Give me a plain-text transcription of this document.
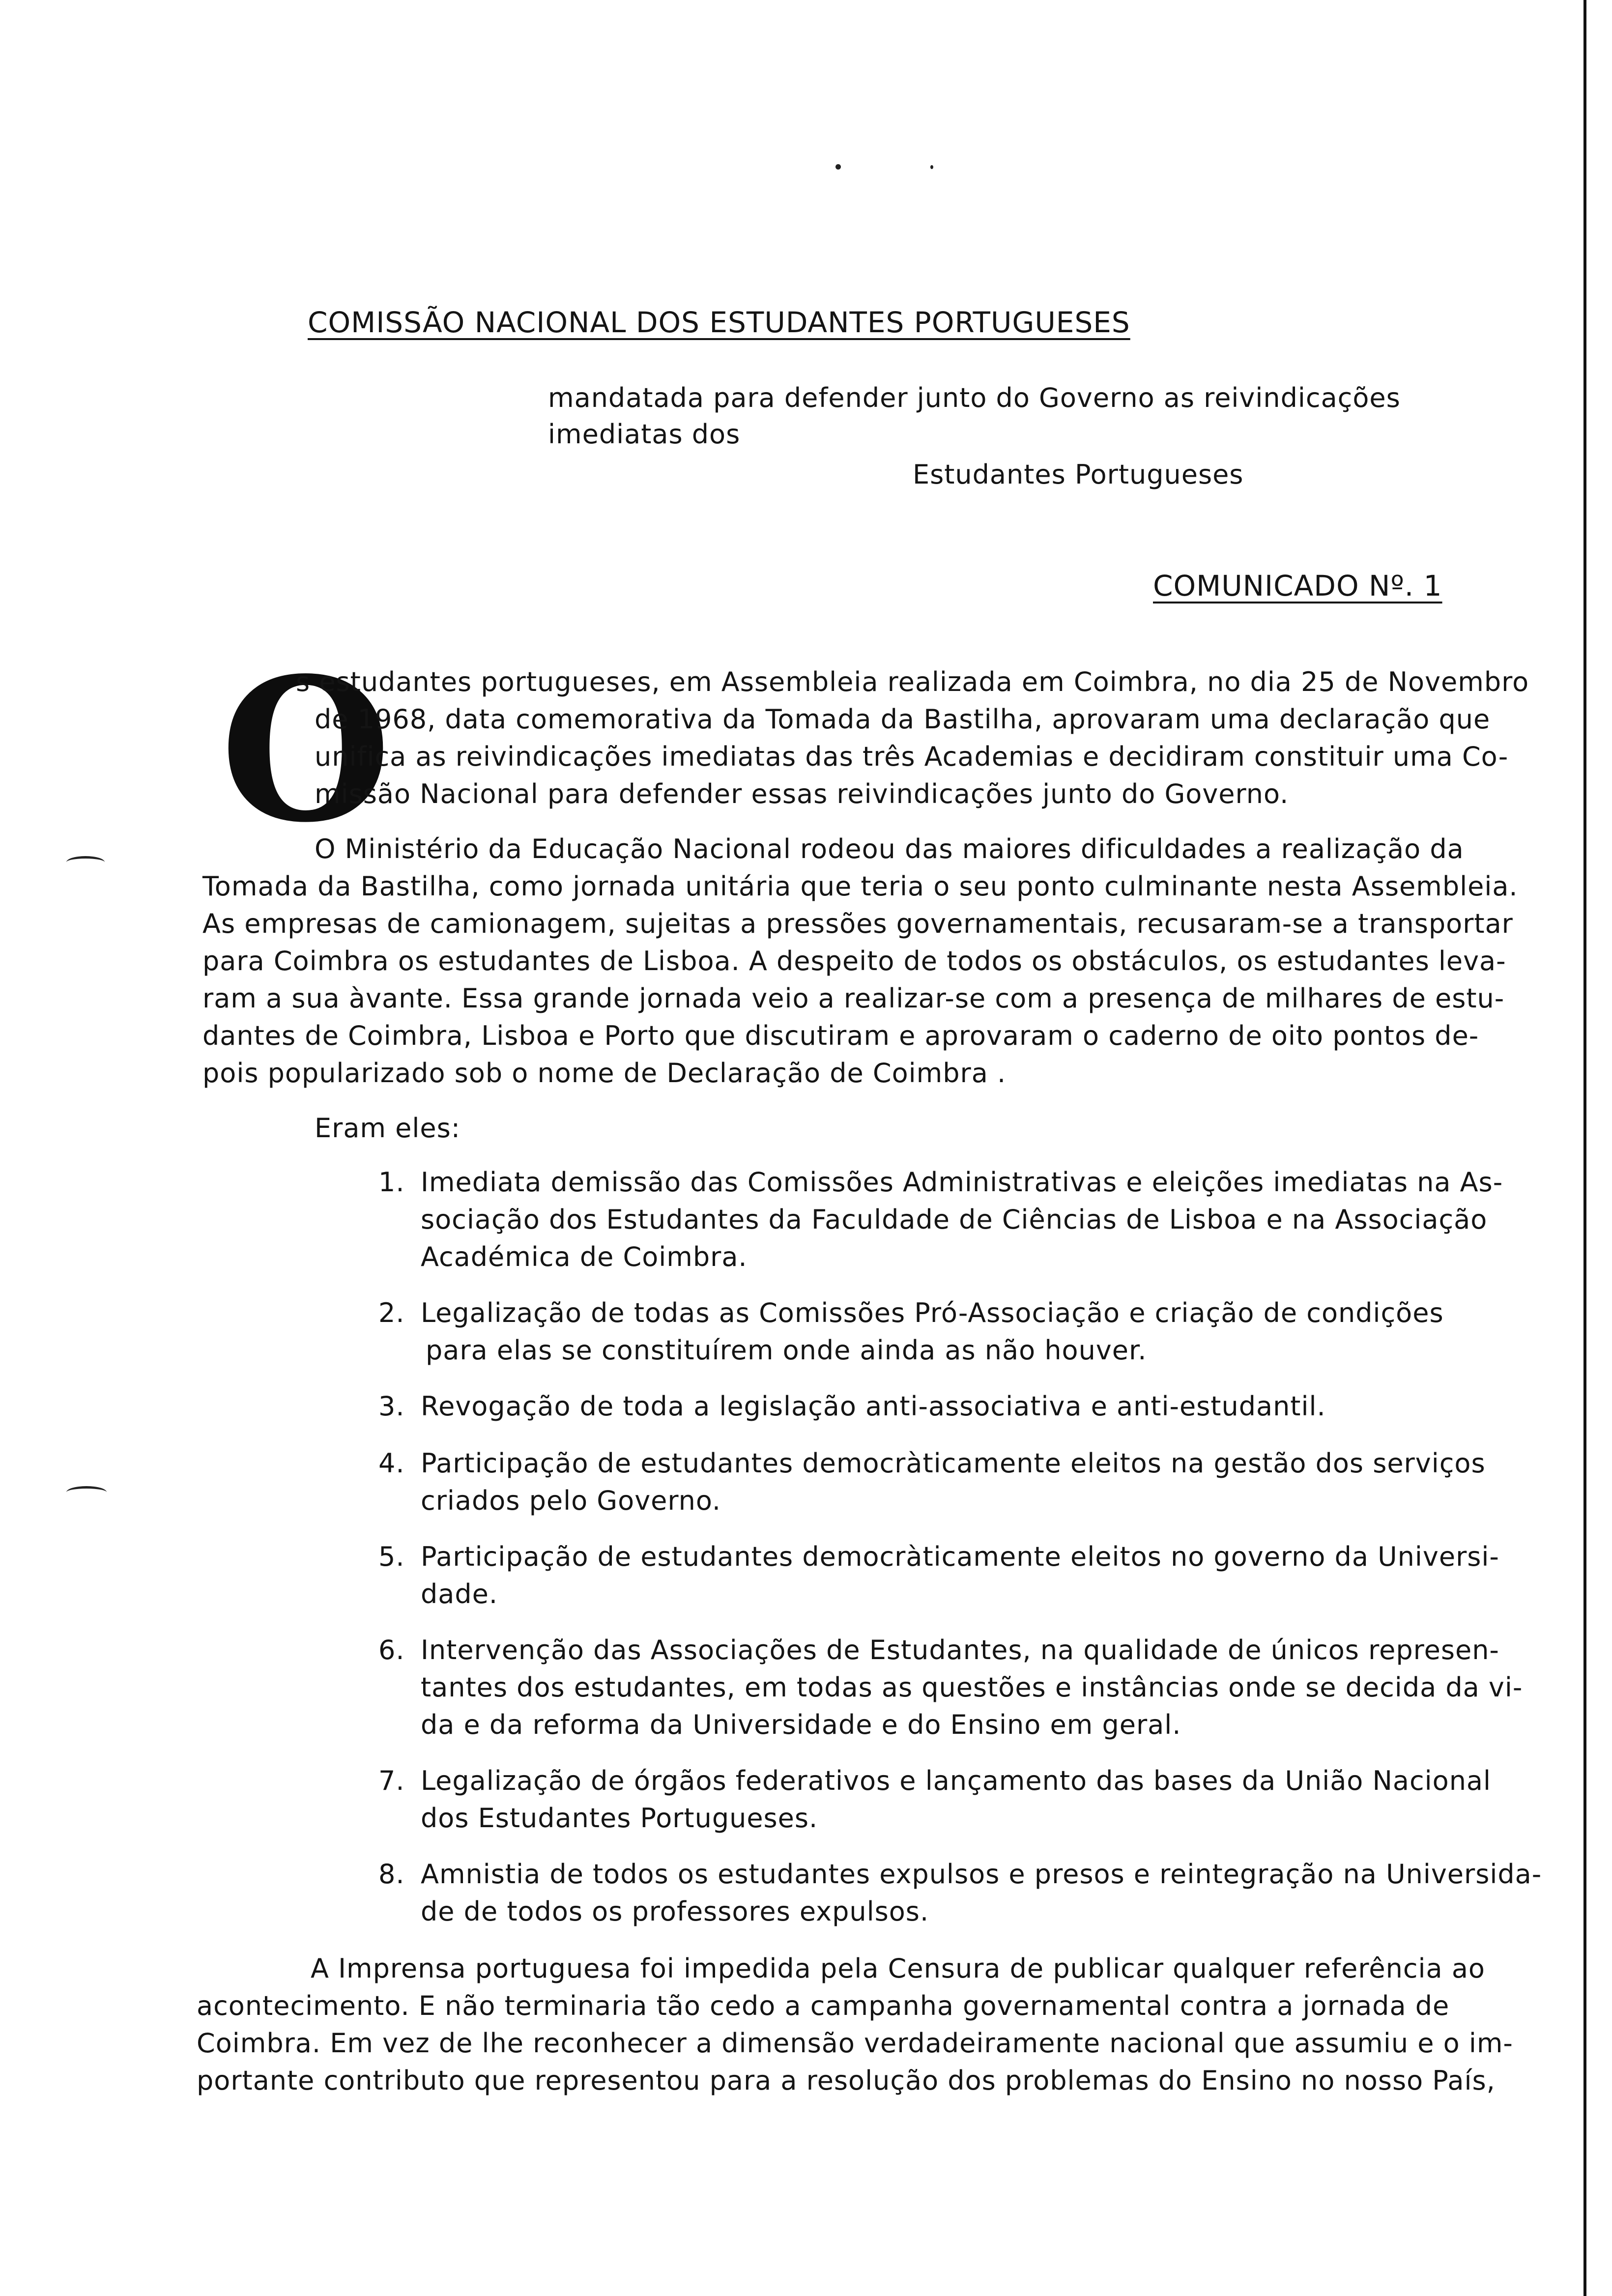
COMISSÃO NACIONAL DOS ESTUDANTES PORTUGUESES
mandatada para defender junto do Governo as reivindicações
imediatas dos
Estudantes Portugueses
COMUNICADO Nº. 1
O
s estudantes portugueses, em Assembleia realizada em Coimbra, no dia 25 de Novembro
de 1968, data comemorativa da Tomada da Bastilha, aprovaram uma declaração que
unifica as reivindicações imediatas das três Academias e decidiram constituir uma Co-
missão Nacional para defender essas reivindicações junto do Governo.
O Ministério da Educação Nacional rodeou das maiores dificuldades a realização da
Tomada da Bastilha, como jornada unitária que teria o seu ponto culminante nesta Assembleia.
As empresas de camionagem, sujeitas a pressões governamentais, recusaram-se a transportar
para Coimbra os estudantes de Lisboa. A despeito de todos os obstáculos, os estudantes leva-
ram a sua àvante. Essa grande jornada veio a realizar-se com a presença de milhares de estu-
dantes de Coimbra, Lisboa e Porto que discutiram e aprovaram o caderno de oito pontos de-
pois popularizado sob o nome de Declaração de Coimbra .
Eram eles:
1. Imediata demissão das Comissões Administrativas e eleições imediatas na As-
sociação dos Estudantes da Faculdade de Ciências de Lisboa e na Associação
Académica de Coimbra.
2. Legalização de todas as Comissões Pró-Associação e criação de condições
para elas se constituírem onde ainda as não houver.
3. Revogação de toda a legislação anti-associativa e anti-estudantil.
4. Participação de estudantes democràticamente eleitos na gestão dos serviços
criados pelo Governo.
5. Participação de estudantes democràticamente eleitos no governo da Universi-
dade.
6. Intervenção das Associações de Estudantes, na qualidade de únicos represen-
tantes dos estudantes, em todas as questões e instâncias onde se decida da vi-
da e da reforma da Universidade e do Ensino em geral.
7. Legalização de órgãos federativos e lançamento das bases da União Nacional
dos Estudantes Portugueses.
8. Amnistia de todos os estudantes expulsos e presos e reintegração na Universida-
de de todos os professores expulsos.
A Imprensa portuguesa foi impedida pela Censura de publicar qualquer referência ao
acontecimento. E não terminaria tão cedo a campanha governamental contra a jornada de
Coimbra. Em vez de lhe reconhecer a dimensão verdadeiramente nacional que assumiu e o im-
portante contributo que representou para a resolução dos problemas do Ensino no nosso País,
